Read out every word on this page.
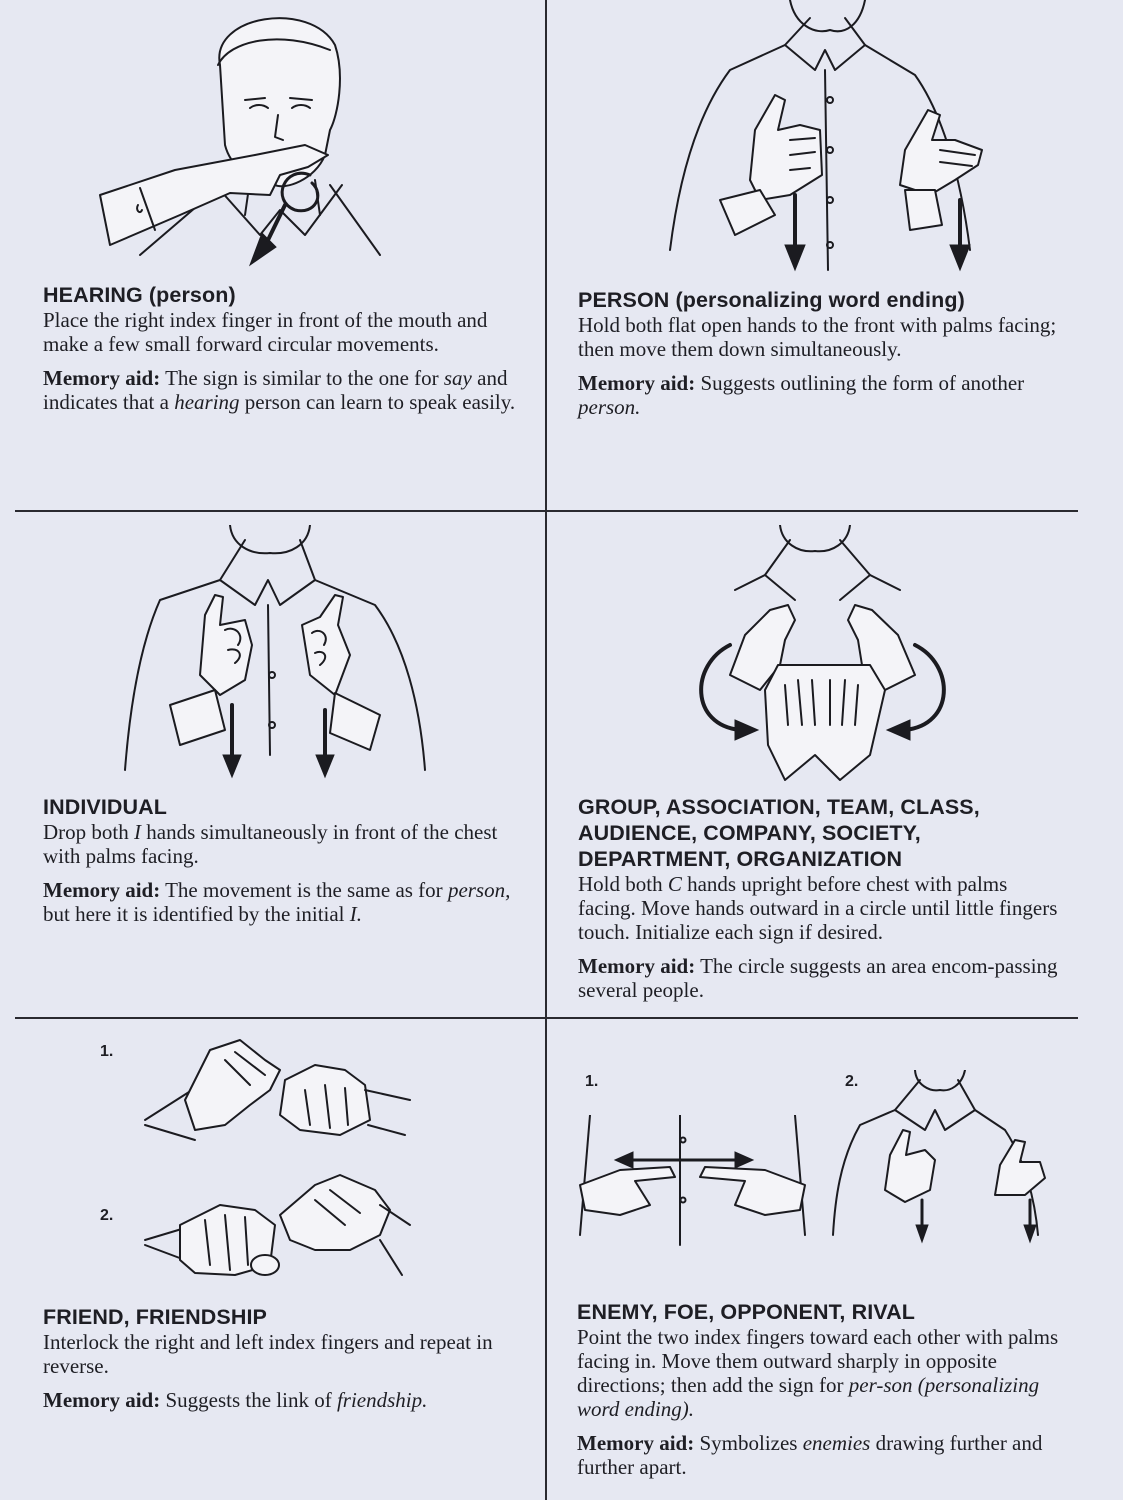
HEARING (person)

Place the right index finger in front of the mouth and make a few small forward circular movements.

Memory aid: The sign is similar to the one for say and indicates that a hearing person can learn to speak easily.

PERSON (personalizing word ending)

Hold both flat open hands to the front with palms facing; then move them down simultaneously.

Memory aid: Suggests outlining the form of another person.

INDIVIDUAL

Drop both I hands simultaneously in front of the chest with palms facing.

Memory aid: The movement is the same as for person, but here it is identified by the initial I.

GROUP, ASSOCIATION, TEAM, CLASS,
AUDIENCE, COMPANY, SOCIETY,
DEPARTMENT, ORGANIZATION

Hold both C hands upright before chest with palms facing. Move hands outward in a circle until little fingers touch. Initialize each sign if desired.

Memory aid: The circle suggests an area encom-passing several people.

1.
2.

FRIEND, FRIENDSHIP

Interlock the right and left index fingers and repeat in reverse.

Memory aid: Suggests the link of friendship.

1.	2.

ENEMY, FOE, OPPONENT, RIVAL

Point the two index fingers toward each other with palms facing in. Move them outward sharply in opposite directions; then add the sign for per-son (personalizing word ending).

Memory aid: Symbolizes enemies drawing further and further apart.
